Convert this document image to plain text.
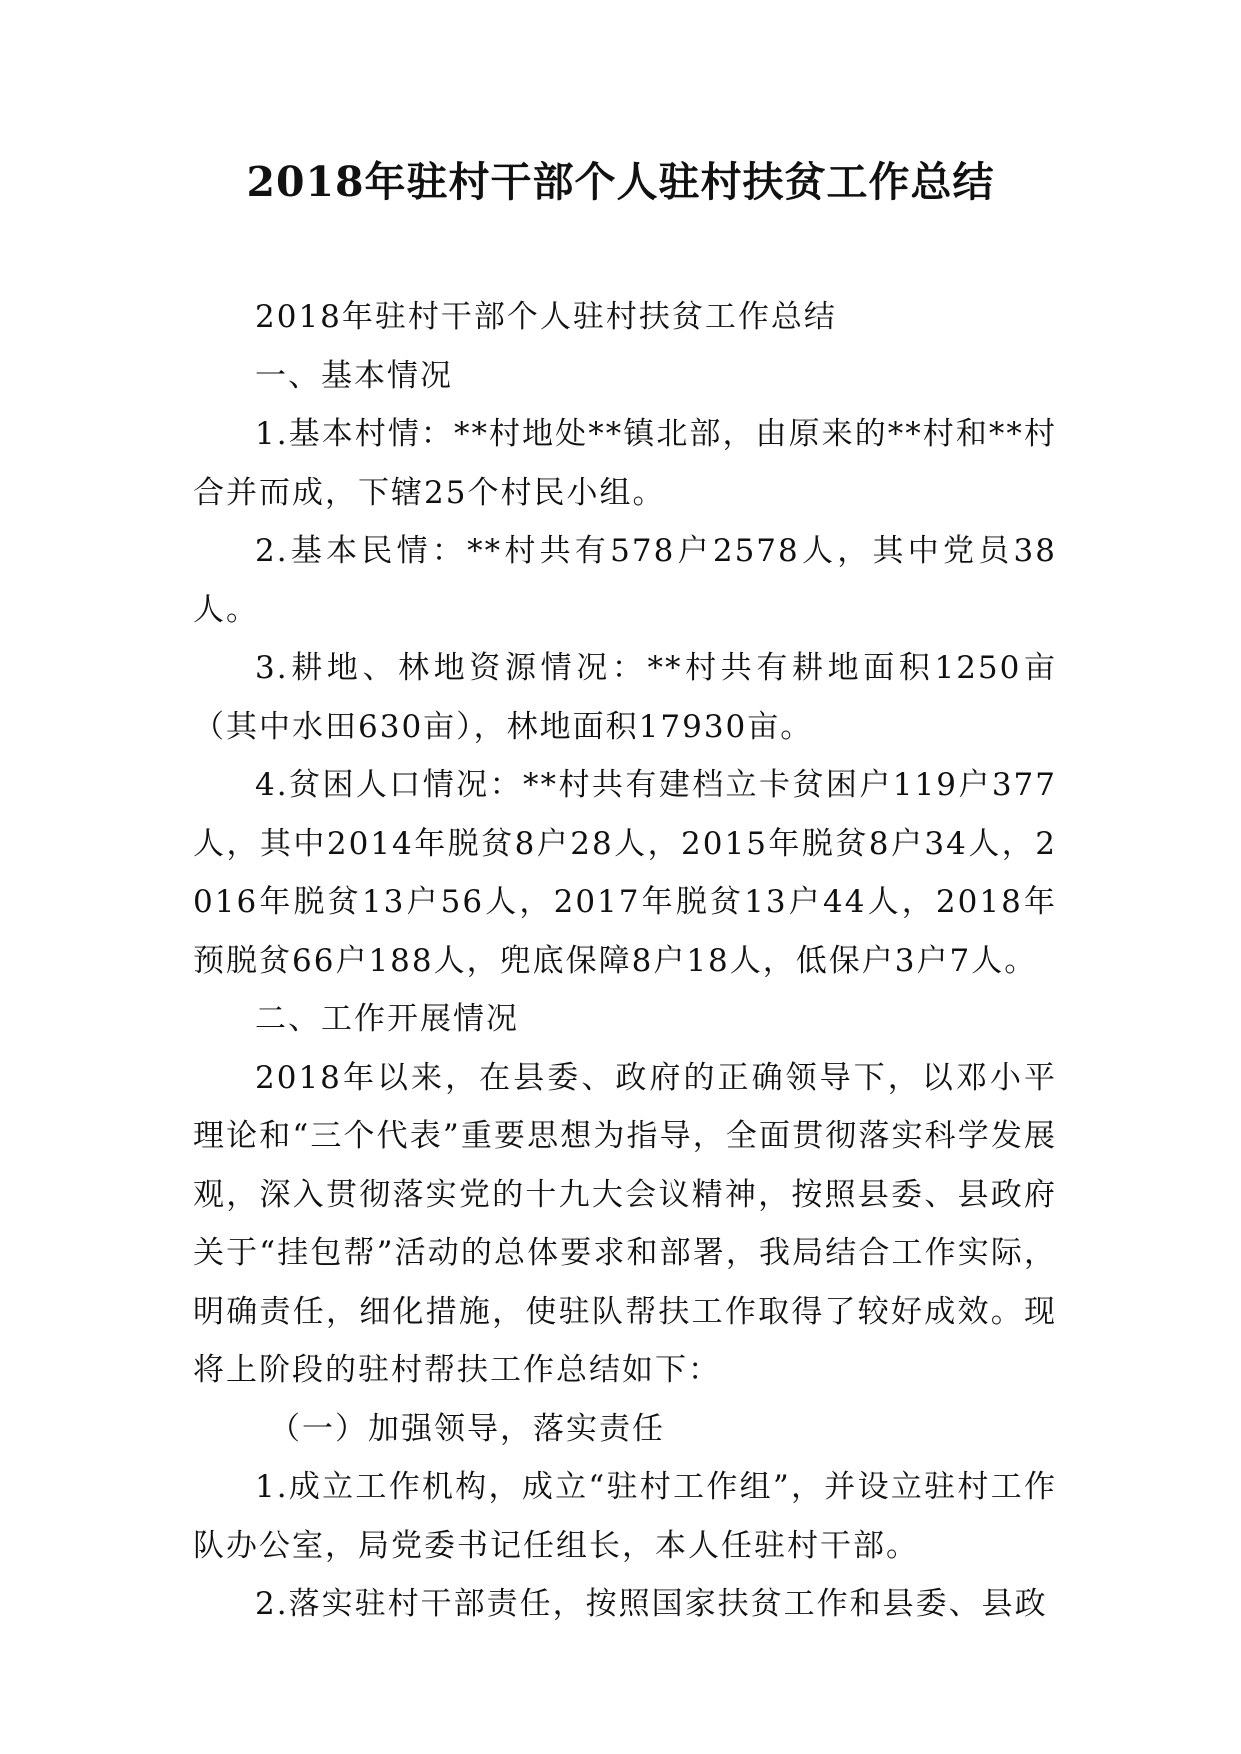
2018年驻村干部个人驻村扶贫工作总结

2018年驻村干部个人驻村扶贫工作总结

一、基本情况

1.基本村情：**村地处**镇北部，由原来的**村和**村合并而成，下辖25个村民小组。

2.基本民情：**村共有578户2578人，其中党员38人。

3.耕地、林地资源情况：**村共有耕地面积1250亩（其中水田630亩），林地面积17930亩。

4.贫困人口情况：**村共有建档立卡贫困户119户377人，其中2014年脱贫8户28人，2015年脱贫8户34人，2016年脱贫13户56人，2017年脱贫13户44人，2018年预脱贫66户188人，兜底保障8户18人，低保户3户7人。

二、工作开展情况

2018年以来，在县委、政府的正确领导下，以邓小平理论和“三个代表”重要思想为指导，全面贯彻落实科学发展观，深入贯彻落实党的十九大会议精神，按照县委、县政府关于“挂包帮”活动的总体要求和部署，我局结合工作实际，明确责任，细化措施，使驻队帮扶工作取得了较好成效。现将上阶段的驻村帮扶工作总结如下：

（一）加强领导，落实责任

1.成立工作机构，成立“驻村工作组”，并设立驻村工作队办公室，局党委书记任组长，本人任驻村干部。

2.落实驻村干部责任，按照国家扶贫工作和县委、县政
